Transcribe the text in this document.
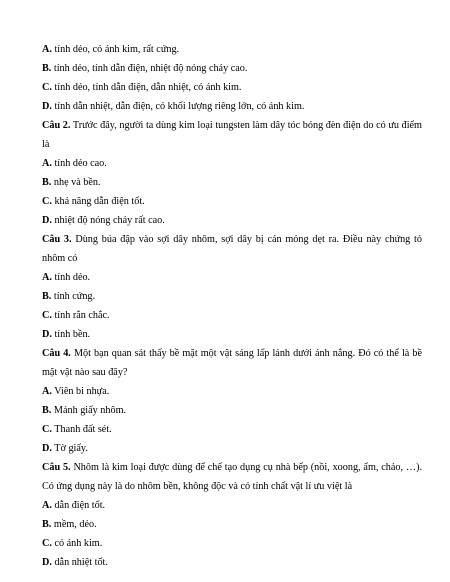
A. tính dẻo, có ánh kim, rất cứng.
B. tính dẻo, tính dẫn điện, nhiệt độ nóng chảy cao.
C. tính dẻo, tính dẫn điện, dẫn nhiệt, có ánh kim.
D. tính dẫn nhiệt, dẫn điện, có khối lượng riêng lớn, có ánh kim.
Câu 2. Trước đây, người ta dùng kim loại tungsten làm dây tóc bóng đèn điện do có ưu điểm là
A. tính dẻo cao.
B. nhẹ và bền.
C. khả năng dẫn điện tốt.
D. nhiệt độ nóng chảy rất cao.
Câu 3. Dùng búa đập vào sợi dây nhôm, sợi dây bị cán mỏng dẹt ra. Điều này chứng tỏ nhôm có
A. tính dẻo.
B. tính cứng.
C. tính rắn chắc.
D. tính bền.
Câu 4. Một bạn quan sát thấy bề mặt một vật sáng lấp lánh dưới ánh nắng. Đó có thể là bề mặt vật nào sau đây?
A. Viên bi nhựa.
B. Mảnh giấy nhôm.
C. Thanh đất sét.
D. Tờ giấy.
Câu 5. Nhôm là kim loại được dùng để chế tạo dụng cụ nhà bếp (nồi, xoong, ấm, chảo, …). Có ứng dụng này là do nhôm bền, không độc và có tính chất vật lí ưu việt là
A. dẫn điện tốt.
B. mềm, dẻo.
C. có ánh kim.
D. dẫn nhiệt tốt.
